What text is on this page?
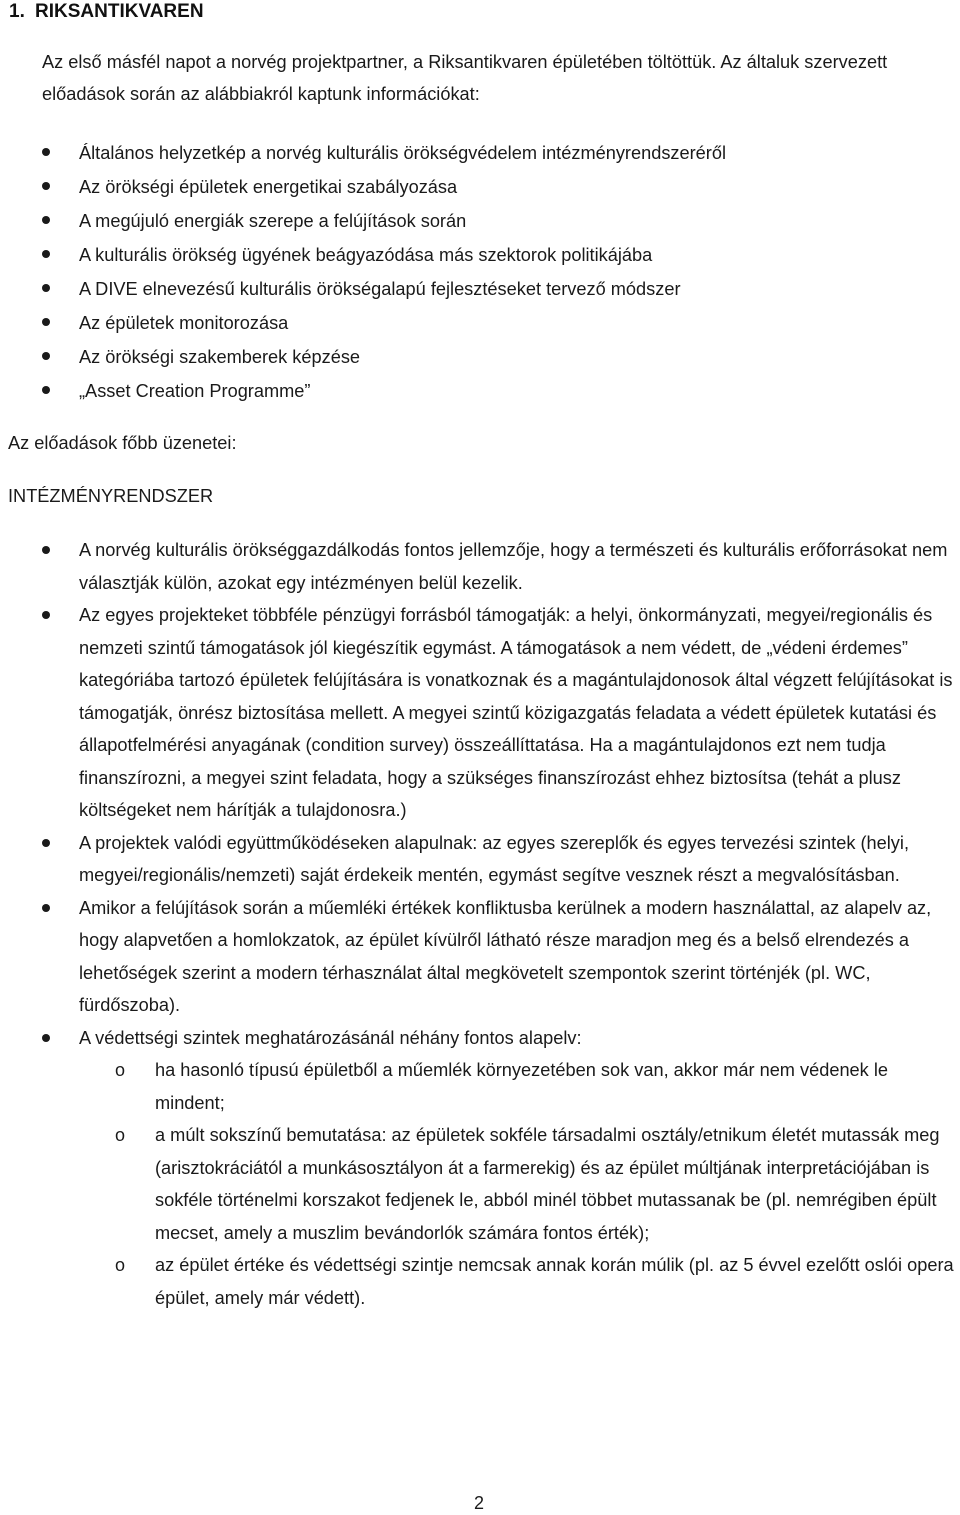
1. RIKSANTIKVAREN

Az első másfél napot a norvég projektpartner, a Riksantikvaren épületében töltöttük. Az általuk szervezett előadások során az alábbiakról kaptunk információkat:

Általános helyzetkép a norvég kulturális örökségvédelem intézményrendszeréről
Az örökségi épületek energetikai szabályozása
A megújuló energiák szerepe a felújítások során
A kulturális örökség ügyének beágyazódása más szektorok politikájába
A DIVE elnevezésű kulturális örökségalapú fejlesztéseket tervező módszer
Az épületek monitorozása
Az örökségi szakemberek képzése
„Asset Creation Programme”

Az előadások főbb üzenetei:

INTÉZMÉNYRENDSZER

A norvég kulturális örökséggazdálkodás fontos jellemzője, hogy a természeti és kulturális erőforrásokat nem választják külön, azokat egy intézményen belül kezelik.
Az egyes projekteket többféle pénzügyi forrásból támogatják: a helyi, önkormányzati, megyei/regionális és nemzeti szintű támogatások jól kiegészítik egymást. A támogatások a nem védett, de „védeni érdemes” kategóriába tartozó épületek felújítására is vonatkoznak és a magántulajdonosok által végzett felújításokat is támogatják, önrész biztosítása mellett. A megyei szintű közigazgatás feladata a védett épületek kutatási és állapotfelmérési anyagának (condition survey) összeállíttatása. Ha a magántulajdonos ezt nem tudja finanszírozni, a megyei szint feladata, hogy a szükséges finanszírozást ehhez biztosítsa (tehát a plusz költségeket nem hárítják a tulajdonosra.)
A projektek valódi együttműködéseken alapulnak: az egyes szereplők és egyes tervezési szintek (helyi, megyei/regionális/nemzeti) saját érdekeik mentén, egymást segítve vesznek részt a megvalósításban.
Amikor a felújítások során a műemléki értékek konfliktusba kerülnek a modern használattal, az alapelv az, hogy alapvetően a homlokzatok, az épület kívülről látható része maradjon meg és a belső elrendezés a lehetőségek szerint a modern térhasználat által megkövetelt szempontok szerint történjék (pl. WC, fürdőszoba).
A védettségi szintek meghatározásánál néhány fontos alapelv:
o ha hasonló típusú épületből a műemlék környezetében sok van, akkor már nem védenek le mindent;
o a múlt sokszínű bemutatása: az épületek sokféle társadalmi osztály/etnikum életét mutassák meg (arisztokráciától a munkásosztályon át a farmerekig) és az épület múltjának interpretációjában is sokféle történelmi korszakot fedjenek le, abból minél többet mutassanak be (pl. nemrégiben épült mecset, amely a muszlim bevándorlók számára fontos érték);
o az épület értéke és védettségi szintje nemcsak annak korán múlik (pl. az 5 évvel ezelőtt oslói opera épület, amely már védett).
2
